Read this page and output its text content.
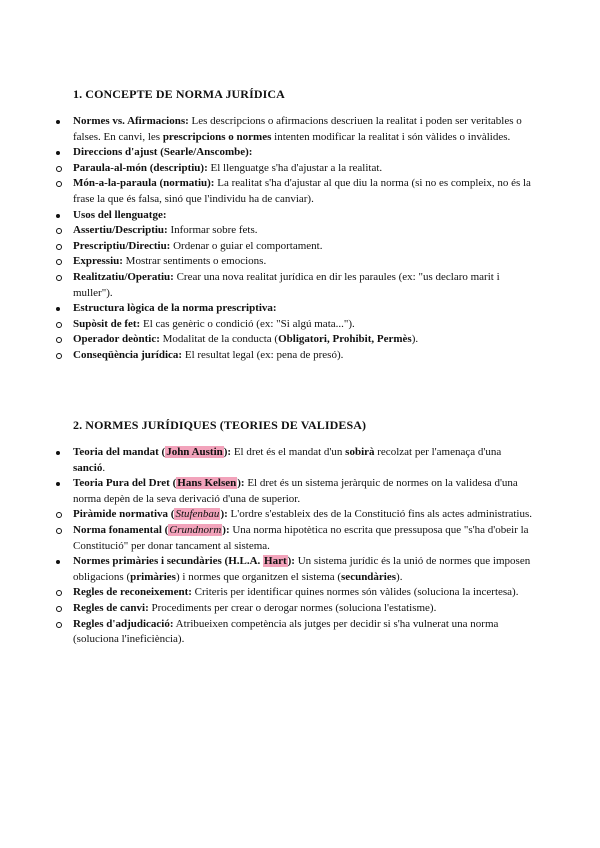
1. CONCEPTE DE NORMA JURÍDICA
Normes vs. Afirmacions: Les descripcions o afirmacions descriuen la realitat i poden ser veritables o falses. En canvi, les prescripcions o normes intenten modificar la realitat i són vàlides o invàlides.
Direccions d'ajust (Searle/Anscombe):
Paraula-al-món (descriptiu): El llenguatge s'ha d'ajustar a la realitat.
Món-a-la-paraula (normatiu): La realitat s'ha d'ajustar al que diu la norma (si no es compleix, no és la frase la que és falsa, sinó que l'individu ha de canviar).
Usos del llenguatge:
Assertiu/Descriptiu: Informar sobre fets.
Prescriptiu/Directiu: Ordenar o guiar el comportament.
Expressiu: Mostrar sentiments o emocions.
Realitzatiu/Operatiu: Crear una nova realitat jurídica en dir les paraules (ex: "us declaro marit i muller").
Estructura lògica de la norma prescriptiva:
Supòsit de fet: El cas genèric o condició (ex: "Si algú mata...").
Operador deòntic: Modalitat de la conducta (Obligatori, Prohibit, Permès).
Conseqüència jurídica: El resultat legal (ex: pena de presó).
2. NORMES JURÍDIQUES (TEORIES DE VALIDESA)
Teoria del mandat (John Austin): El dret és el mandat d'un sobirà recolzat per l'amenaça d'una sanció.
Teoria Pura del Dret (Hans Kelsen): El dret és un sistema jeràrquic de normes on la validesa d'una norma depèn de la seva derivació d'una de superior.
Piràmide normativa (Stufenbau): L'ordre s'estableix des de la Constitució fins als actes administratius.
Norma fonamental (Grundnorm): Una norma hipotètica no escrita que pressuposa que "s'ha d'obeir la Constitució" per donar tancament al sistema.
Normes primàries i secundàries (H.L.A. Hart): Un sistema jurídic és la unió de normes que imposen obligacions (primàries) i normes que organitzen el sistema (secundàries).
Regles de reconeixement: Criteris per identificar quines normes són vàlides (soluciona la incertesa).
Regles de canvi: Procediments per crear o derogar normes (soluciona l'estatisme).
Regles d'adjudicació: Atribueixen competència als jutges per decidir si s'ha vulnerat una norma (soluciona l'ineficiència).
